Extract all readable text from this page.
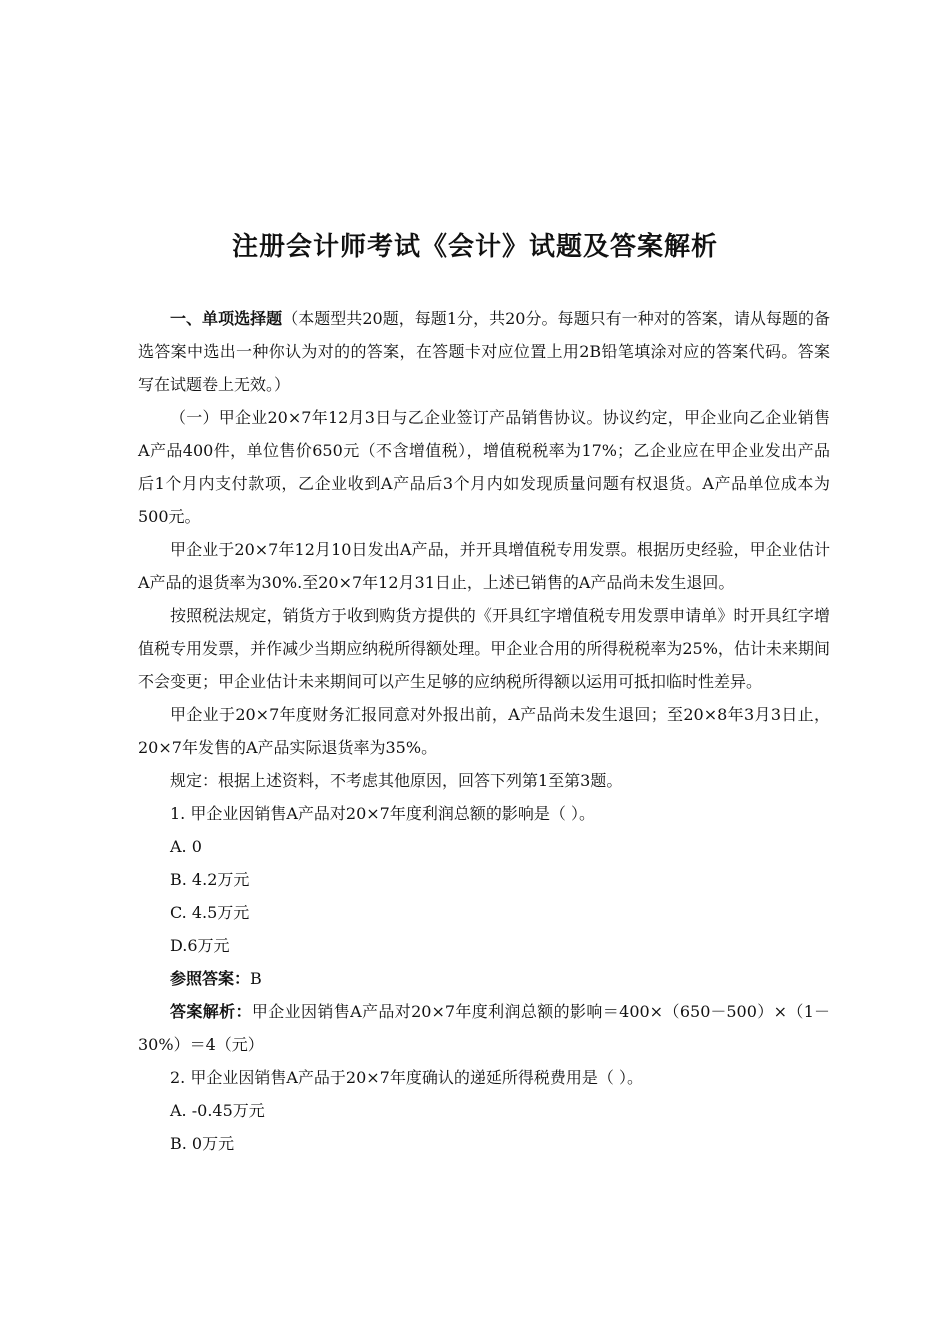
注册会计师考试《会计》试题及答案解析

一、单项选择题（本题型共20题，每题1分，共20分。每题只有一种对的答案，请从每题的备选答案中选出一种你认为对的的答案，在答题卡对应位置上用2B铅笔填涂对应的答案代码。答案写在试题卷上无效。）

（一）甲企业20×7年12月3日与乙企业签订产品销售协议。协议约定，甲企业向乙企业销售A产品400件，单位售价650元（不含增值税），增值税税率为17%；乙企业应在甲企业发出产品后1个月内支付款项，乙企业收到A产品后3个月内如发现质量问题有权退货。A产品单位成本为500元。

甲企业于20×7年12月10日发出A产品，并开具增值税专用发票。根据历史经验，甲企业估计A产品的退货率为30%.至20×7年12月31日止，上述已销售的A产品尚未发生退回。

按照税法规定，销货方于收到购货方提供的《开具红字增值税专用发票申请单》时开具红字增值税专用发票，并作减少当期应纳税所得额处理。甲企业合用的所得税税率为25%，估计未来期间不会变更；甲企业估计未来期间可以产生足够的应纳税所得额以运用可抵扣临时性差异。

甲企业于20×7年度财务汇报同意对外报出前，A产品尚未发生退回；至20×8年3月3日止，20×7年发售的A产品实际退货率为35%。

规定：根据上述资料，不考虑其他原因，回答下列第1至第3题。

1. 甲企业因销售A产品对20×7年度利润总额的影响是（ ）。

A. 0

B. 4.2万元

C. 4.5万元

D.6万元

参照答案：B

答案解析：甲企业因销售A产品对20×7年度利润总额的影响＝400×（650－500）×（1－30%）＝4（元）

2. 甲企业因销售A产品于20×7年度确认的递延所得税费用是（ ）。

A. -0.45万元

B. 0万元
